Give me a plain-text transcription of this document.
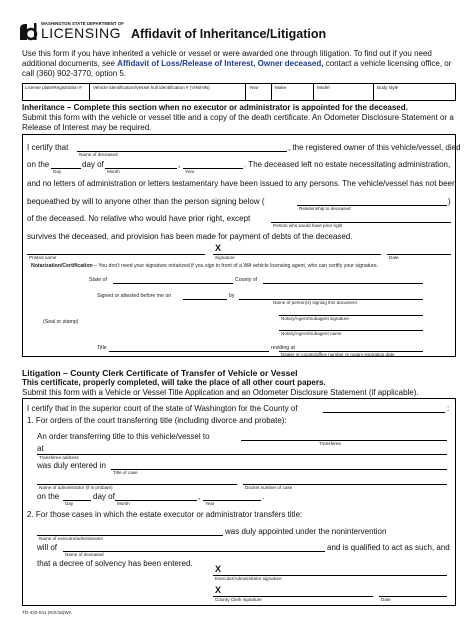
WASHINGTON STATE DEPARTMENT OF
LICENSING Affidavit of Inheritance/Litigation
Use this form if you have inherited a vehicle or vessel or were awarded one through litigation. To find out if you need
additional documents, see Affidavit of Loss/Release of Interest, Owner deceased, contact a vehicle licensing office, or
call (360) 902-3770, option 5.
License plate/Registration # Vehicle identification/Vessel hull identification # (VIN/HIN)	Year	Make	Model	Body style
Inheritance – Complete this section when no executor or administrator is appointed for the deceased.
Submit this form with the vehicle or vessel title and a copy of the death certificate. An Odometer Disclosure Statement or a
Release of Interest may be required.
I certify that
Name of deceased
, the registered owner of this vehicle/vessel, died
on the
Day
day of
Month
,
Year
. The deceased left no estate necessitating administration,
and no letters of administration or letters testamentary have been issued to any persons. The vehicle/vessel has not been
bequeathed by will to anyone other than the person signing below (
Relationship to deceased
)
of the deceased. No relative who would have prior right, except
Person who would have prior right
survives the deceased, and provision has been made for payment of debts of the deceased.
X
Printed name	Signature	Date
Notarization/Certification – You don't need your signature notarized if you sign in front of a WA vehicle licensing agent, who can certify your signature.
State of	County of
Signed or attested before me on	by
Name of person(s) signing this document
Notary/Agent/Subagent signature
(Seal or stamp)
Notary/Agent/Subagent name
Title	residing at
Dealer or county/office number or notary expiration date
Litigation – County Clerk Certificate of Transfer of Vehicle or Vessel
This certificate, properly completed, will take the place of all other court papers.
Submit this form with a Vehicle or Vessel Title Application and an Odometer Disclosure Statement (if applicable).
I certify that in the superior court of the state of Washington for the County of	:
1. For orders of the court transferring title (including divorce and probate):
An order transferring title to this vehicle/vessel to
Transferee
at
Transferee address
was duly entered in
Title of case
Name of administrator (if in probate)	Docket number of case
on the
Day
day of
Month
,
Year
.
2. For those cases in which the estate executor or administrator transfers title:
Name of executor/administrator
was duly appointed under the nonintervention
will of
Name of deceased
and is qualified to act as such, and
that a decree of solvency has been entered.
X
Executor/Administrator signature
X
County Clerk signature	Date
TD-420-041 (R/2/18)WA
